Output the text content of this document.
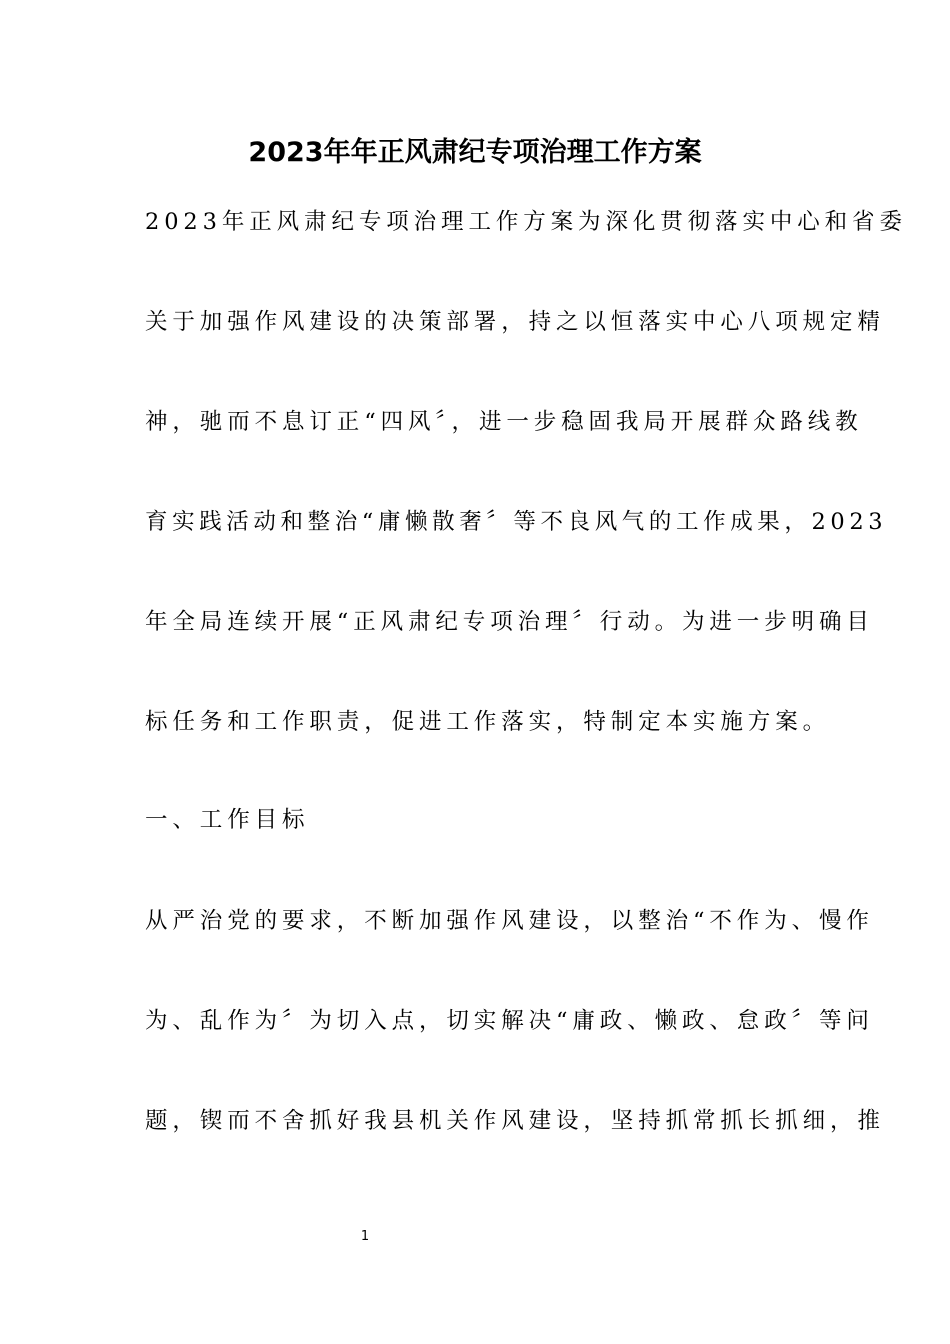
2023年年正风肃纪专项治理工作方案
2023年正风肃纪专项治理工作方案为深化贯彻落实中心和省委
关于加强作风建设的决策部署，持之以恒落实中心八项规定精
神，驰而不息订正“四风〞，进一步稳固我局开展群众路线教
育实践活动和整治“庸懒散奢〞等不良风气的工作成果，2023
年全局连续开展“正风肃纪专项治理〞行动。为进一步明确目
标任务和工作职责，促进工作落实，特制定本实施方案。
一、工作目标
从严治党的要求，不断加强作风建设，以整治“不作为、慢作
为、乱作为〞为切入点，切实解决“庸政、懒政、怠政〞等问
题，锲而不舍抓好我县机关作风建设，坚持抓常抓长抓细，推
1
